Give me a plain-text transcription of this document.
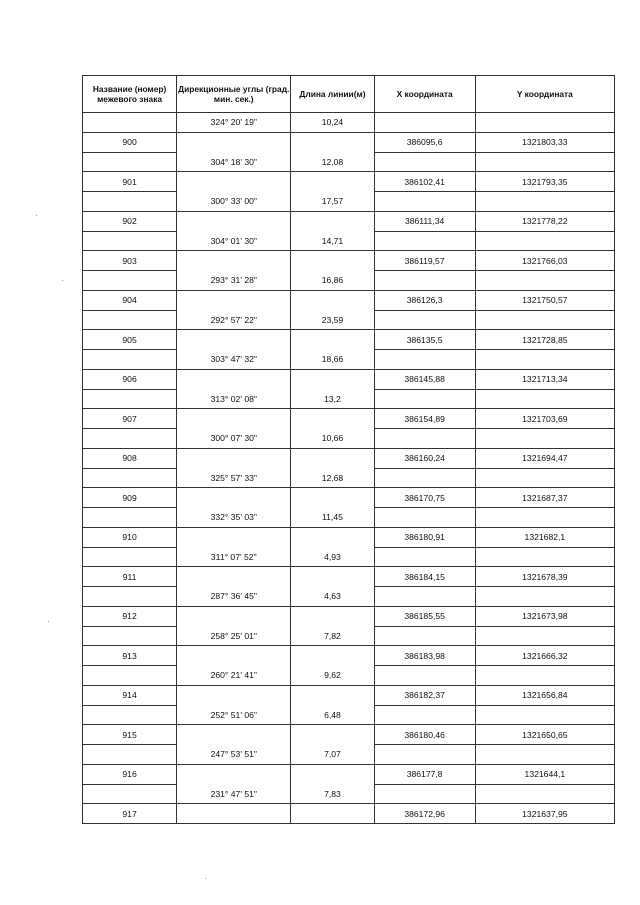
Название (номер) межевого знака	Дирекционные углы (град. мин. сек.)	Длина линии(м)	X координата	Y координата
	324° 20' 19"	10,24		
900			386095,6	1321803,33
	304° 18' 30"	12,08		
901			386102,41	1321793,35
	300° 33' 00"	17,57		
902			386111,34	1321778,22
	304° 01' 30"	14,71		
903			386119,57	1321766,03
	293° 31' 28"	16,86		
904			386126,3	1321750,57
	292° 57' 22"	23,59		
905			386135,5	1321728,85
	303° 47' 32"	18,66		
906			386145,88	1321713,34
	313° 02' 08"	13,2		
907			386154,89	1321703,69
	300° 07' 30"	10,66		
908			386160,24	1321694,47
	325° 57' 33"	12,68		
909			386170,75	1321687,37
	332° 35' 03"	11,45		
910			386180,91	1321682,1
	311° 07' 52"	4,93		
911			386184,15	1321678,39
	287° 36' 45"	4,63		
912			386185,55	1321673,98
	258° 25' 01"	7,82		
913			386183,98	1321666,32
	260° 21' 41"	9,62		
914			386182,37	1321656,84
	252° 51' 06"	6,48		
915			386180,46	1321650,65
	247° 53' 51"	7,07		
916			386177,8	1321644,1
	231° 47' 51"	7,83		
917			386172,96	1321637,95
